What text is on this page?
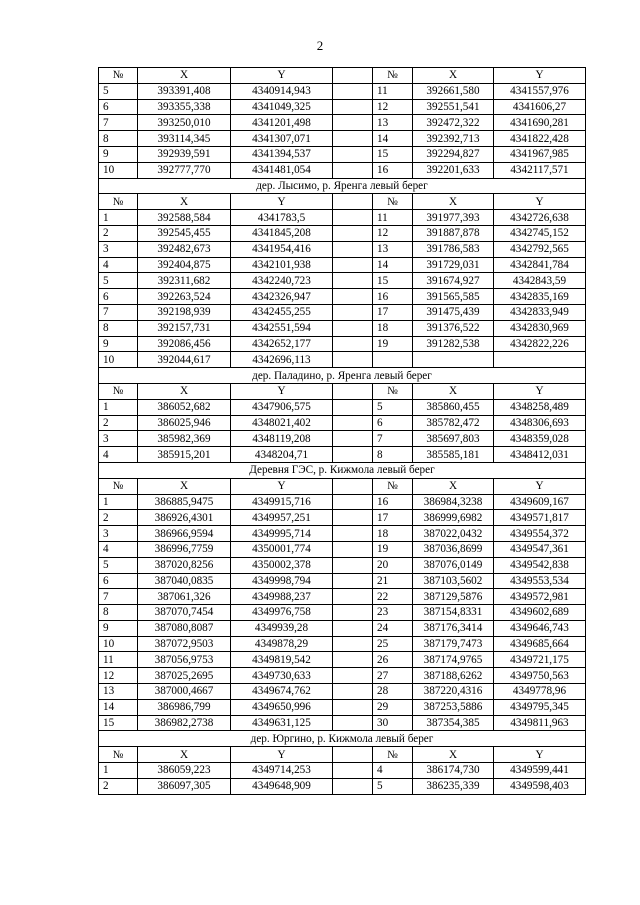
2
№	X	Y		№	X	Y
5	393391,408	4340914,943		11	392661,580	4341557,976
6	393355,338	4341049,325		12	392551,541	4341606,27
7	393250,010	4341201,498		13	392472,322	4341690,281
8	393114,345	4341307,071		14	392392,713	4341822,428
9	392939,591	4341394,537		15	392294,827	4341967,985
10	392777,770	4341481,054		16	392201,633	4342117,571
дер. Лысимо, р. Яренга левый берег						
№	X	Y		№	X	Y
1	392588,584	4341783,5		11	391977,393	4342726,638
2	392545,455	4341845,208		12	391887,878	4342745,152
3	392482,673	4341954,416		13	391786,583	4342792,565
4	392404,875	4342101,938		14	391729,031	4342841,784
5	392311,682	4342240,723		15	391674,927	4342843,59
6	392263,524	4342326,947		16	391565,585	4342835,169
7	392198,939	4342455,255		17	391475,439	4342833,949
8	392157,731	4342551,594		18	391376,522	4342830,969
9	392086,456	4342652,177		19	391282,538	4342822,226
10	392044,617	4342696,113				
дер. Паладино, р. Яренга левый берег						
№	X	Y		№	X	Y
1	386052,682	4347906,575		5	385860,455	4348258,489
2	386025,946	4348021,402		6	385782,472	4348306,693
3	385982,369	4348119,208		7	385697,803	4348359,028
4	385915,201	4348204,71		8	385585,181	4348412,031
Деревня ГЭС, р. Кижмола левый берег						
№	X	Y		№	X	Y
1	386885,9475	4349915,716		16	386984,3238	4349609,167
2	386926,4301	4349957,251		17	386999,6982	4349571,817
3	386966,9594	4349995,714		18	387022,0432	4349554,372
4	386996,7759	4350001,774		19	387036,8699	4349547,361
5	387020,8256	4350002,378		20	387076,0149	4349542,838
6	387040,0835	4349998,794		21	387103,5602	4349553,534
7	387061,326	4349988,237		22	387129,5876	4349572,981
8	387070,7454	4349976,758		23	387154,8331	4349602,689
9	387080,8087	4349939,28		24	387176,3414	4349646,743
10	387072,9503	4349878,29		25	387179,7473	4349685,664
11	387056,9753	4349819,542		26	387174,9765	4349721,175
12	387025,2695	4349730,633		27	387188,6262	4349750,563
13	387000,4667	4349674,762		28	387220,4316	4349778,96
14	386986,799	4349650,996		29	387253,5886	4349795,345
15	386982,2738	4349631,125		30	387354,385	4349811,963
дер. Юргино, р. Кижмола левый берег						
№	X	Y		№	X	Y
1	386059,223	4349714,253		4	386174,730	4349599,441
2	386097,305	4349648,909		5	386235,339	4349598,403
